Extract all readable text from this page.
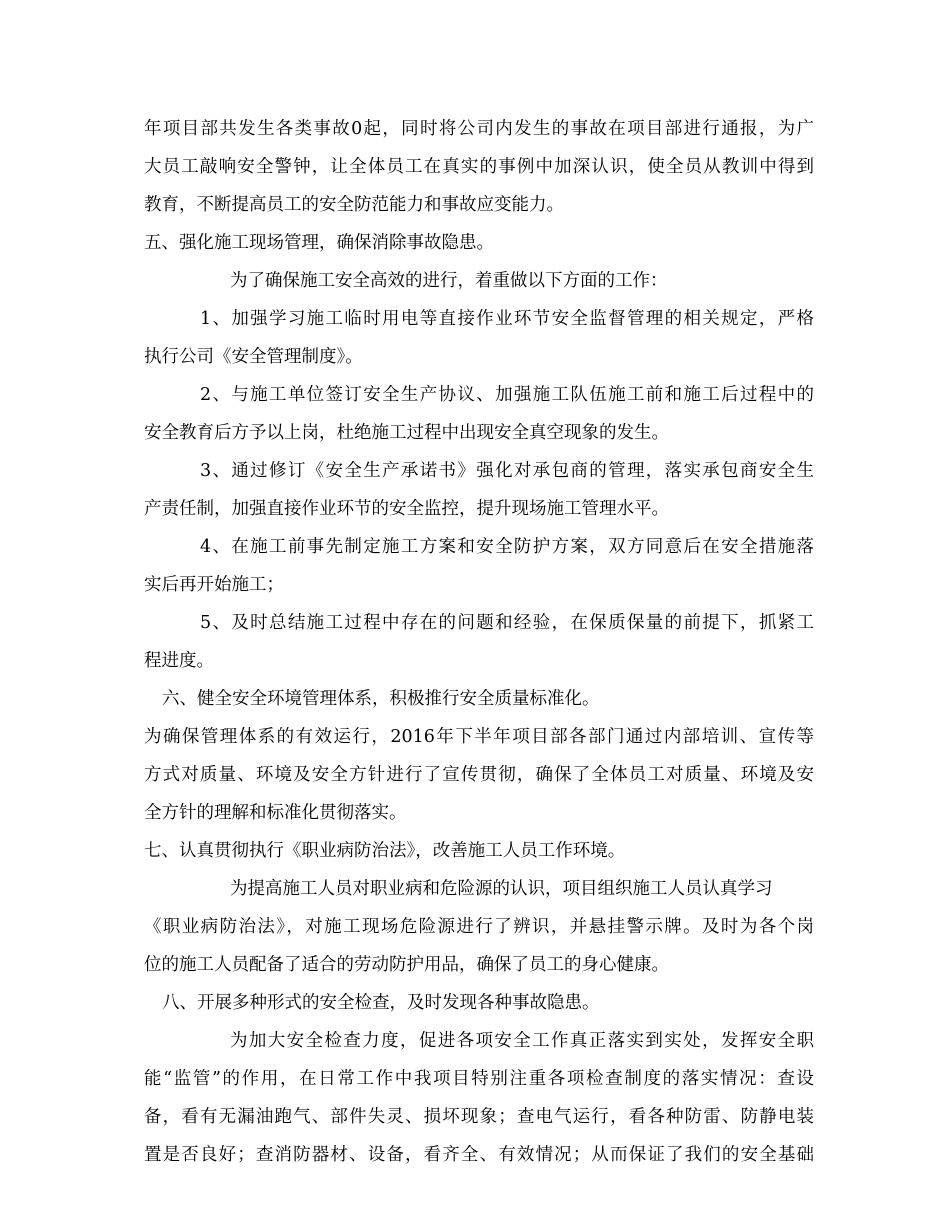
年项目部共发生各类事故0起，同时将公司内发生的事故在项目部进行通报，为广
大员工敲响安全警钟，让全体员工在真实的事例中加深认识，使全员从教训中得到
教育，不断提高员工的安全防范能力和事故应变能力。
五、强化施工现场管理，确保消除事故隐患。
为了确保施工安全高效的进行，着重做以下方面的工作：
1、加强学习施工临时用电等直接作业环节安全监督管理的相关规定，严格
执行公司《安全管理制度》。
2、与施工单位签订安全生产协议、加强施工队伍施工前和施工后过程中的
安全教育后方予以上岗，杜绝施工过程中出现安全真空现象的发生。
3、通过修订《安全生产承诺书》强化对承包商的管理，落实承包商安全生
产责任制，加强直接作业环节的安全监控，提升现场施工管理水平。
4、在施工前事先制定施工方案和安全防护方案，双方同意后在安全措施落
实后再开始施工；
5、及时总结施工过程中存在的问题和经验，在保质保量的前提下，抓紧工
程进度。
六、健全安全环境管理体系，积极推行安全质量标准化。
为确保管理体系的有效运行，2016年下半年项目部各部门通过内部培训、宣传等
方式对质量、环境及安全方针进行了宣传贯彻，确保了全体员工对质量、环境及安
全方针的理解和标准化贯彻落实。
七、认真贯彻执行《职业病防治法》，改善施工人员工作环境。
为提高施工人员对职业病和危险源的认识，项目组织施工人员认真学习
《职业病防治法》，对施工现场危险源进行了辨识，并悬挂警示牌。及时为各个岗
位的施工人员配备了适合的劳动防护用品，确保了员工的身心健康。
八、开展多种形式的安全检查，及时发现各种事故隐患。
为加大安全检查力度，促进各项安全工作真正落实到实处，发挥安全职
能“监管”的作用，在日常工作中我项目特别注重各项检查制度的落实情况：查设
备，看有无漏油跑气、部件失灵、损坏现象；查电气运行，看各种防雷、防静电装
置是否良好；查消防器材、设备，看齐全、有效情况；从而保证了我们的安全基础
